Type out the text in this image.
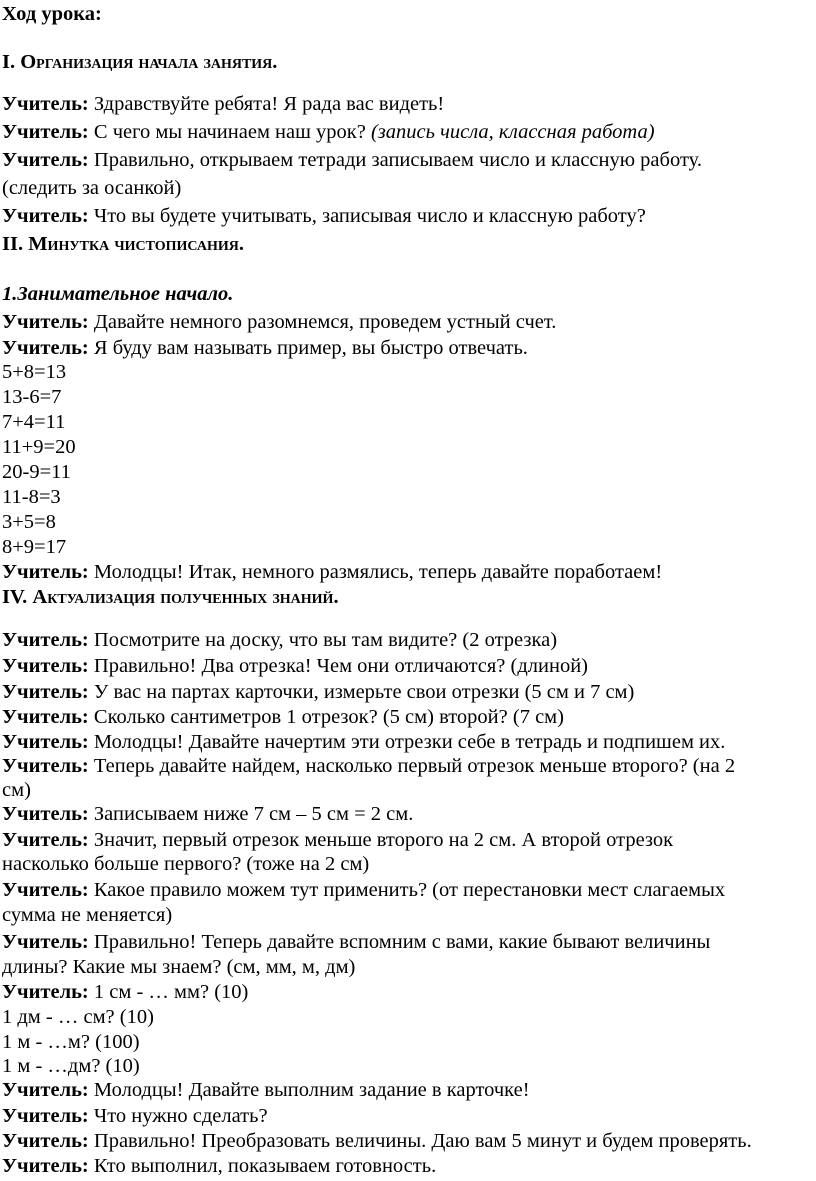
Ход урока:
I. Организация начала занятия.
Учитель: Здравствуйте ребята! Я рада вас видеть!
Учитель: С чего мы начинаем наш урок? (запись числа, классная работа)
Учитель: Правильно, открываем тетради записываем число и классную работу.
(следить за осанкой)
Учитель: Что вы будете учитывать, записывая число и классную работу?
II. Минутка чистописания.
1.Занимательное начало.
Учитель: Давайте немного разомнемся, проведем устный счет.
Учитель: Я буду вам называть пример, вы быстро отвечать.
5+8=13
13-6=7
7+4=11
11+9=20
20-9=11
11-8=3
3+5=8
8+9=17
Учитель: Молодцы! Итак, немного размялись, теперь давайте поработаем!
IV. Актуализация полученных знаний.
Учитель: Посмотрите на доску, что вы там видите? (2 отрезка)
Учитель: Правильно! Два отрезка! Чем они отличаются? (длиной)
Учитель: У вас на партах карточки, измерьте свои отрезки (5 см и 7 см)
Учитель: Сколько сантиметров 1 отрезок? (5 см) второй? (7 см)
Учитель: Молодцы! Давайте начертим эти отрезки себе в тетрадь и подпишем их.
Учитель: Теперь давайте найдем, насколько первый отрезок меньше второго? (на 2
см)
Учитель: Записываем ниже 7 см – 5 см = 2 см.
Учитель: Значит, первый отрезок меньше второго на 2 см. А второй отрезок
насколько больше первого? (тоже на 2 см)
Учитель: Какое правило можем тут применить? (от перестановки мест слагаемых
сумма не меняется)
Учитель: Правильно! Теперь давайте вспомним с вами, какие бывают величины
длины? Какие мы знаем? (см, мм, м, дм)
Учитель: 1 см - … мм? (10)
1 дм - … см? (10)
1 м - …м? (100)
1 м - …дм? (10)
Учитель: Молодцы! Давайте выполним задание в карточке!
Учитель: Что нужно сделать?
Учитель: Правильно! Преобразовать величины. Даю вам 5 минут и будем проверять.
Учитель: Кто выполнил, показываем готовность.
